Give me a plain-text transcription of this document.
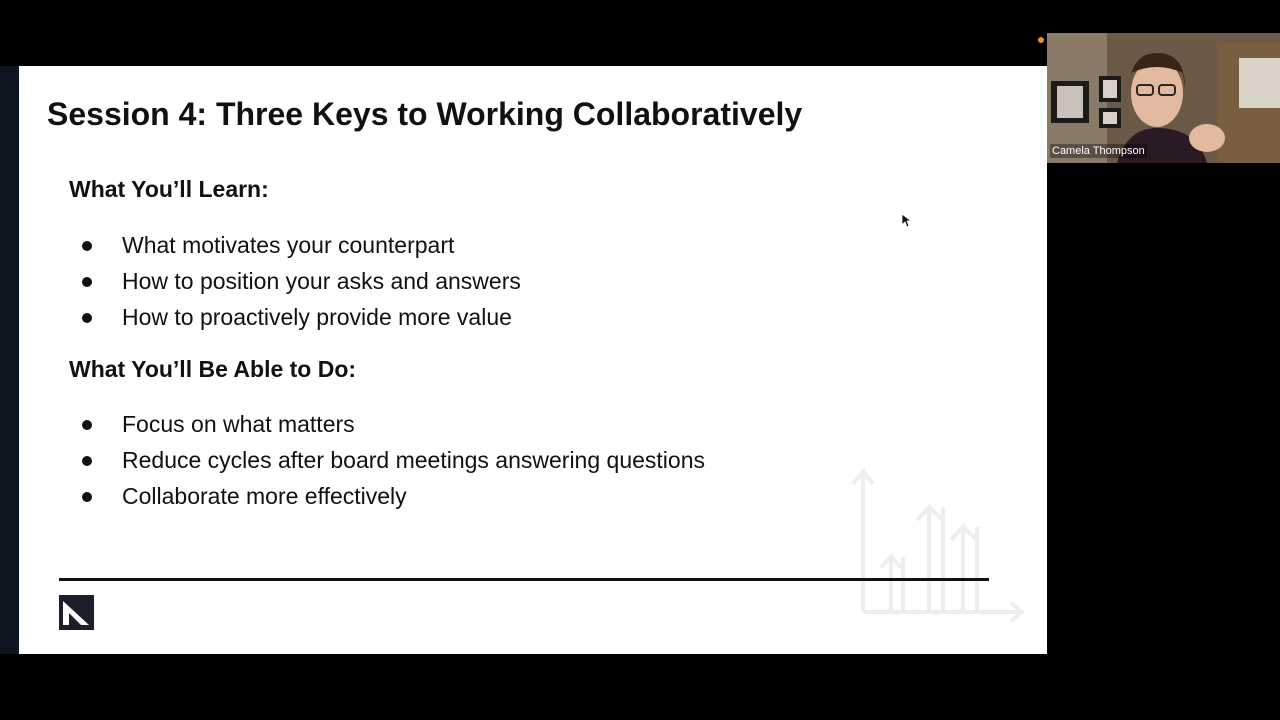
Session 4: Three Keys to Working Collaboratively
What You’ll Learn:
What motivates your counterpart
How to position your asks and answers
How to proactively provide more value
What You’ll Be Able to Do:
Focus on what matters
Reduce cycles after board meetings answering questions
Collaborate more effectively
Camela Thompson
